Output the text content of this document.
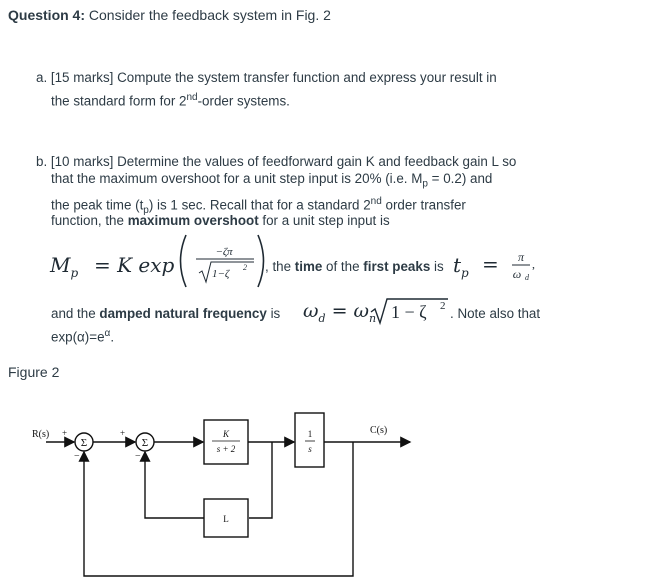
Question 4: Consider the feedback system in Fig. 2
a. [15 marks] Compute the system transfer function and express your result in
the standard form for 2nd-order systems.
b. [10 marks] Determine the values of feedforward gain K and feedback gain L so
that the maximum overshoot for a unit step input is 20% (i.e. $M_p = 0.2$) and
the peak time $(t_p)$ is 1 sec. Recall that for a standard 2nd order transfer
function, the maximum overshoot for a unit step input is
$M_p = K$ exp
−ζπ
1−ζ
2 , the time of the first peaks is $t_p = \pi$
ω d
,
and the damped natural frequency is $\omega_d = \omega_n$ 1 − ζ 2 . Note also that
$\exp(\alpha)=e^\alpha$.
Figure 2
R(s) +
−
+
−
Σ	Σ
K
s + 2
1
s
L
C(s)
